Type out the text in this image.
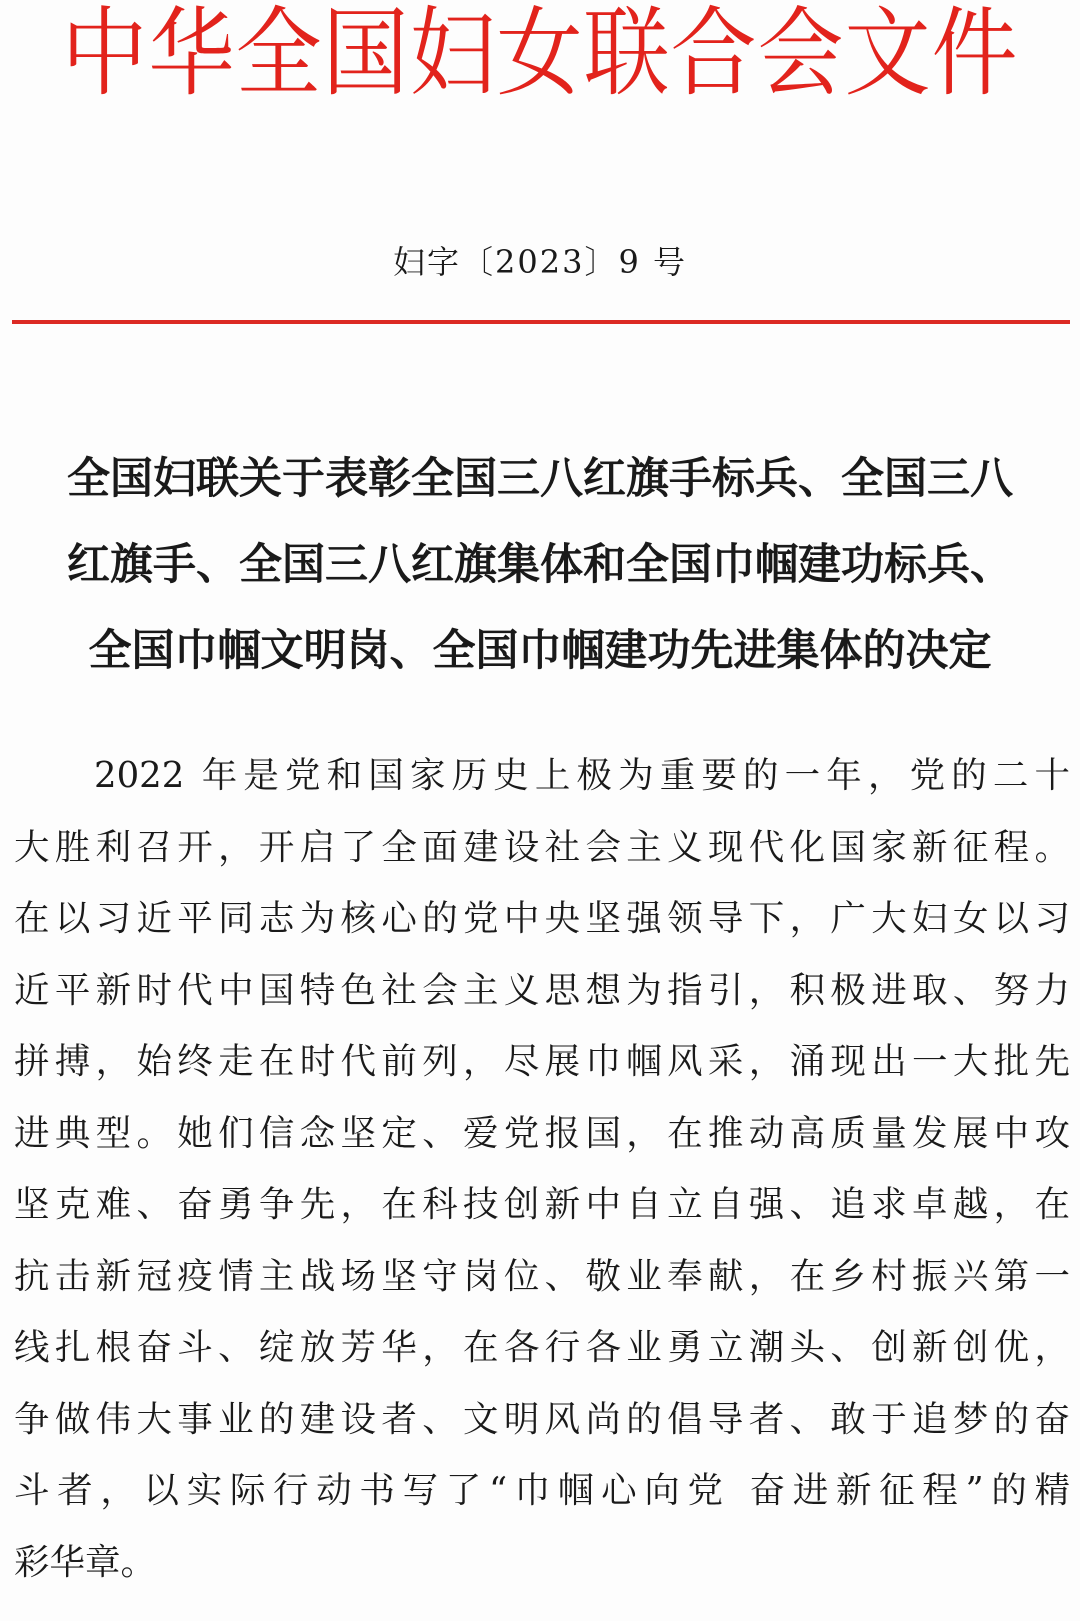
中华全国妇女联合会文件
妇字〔2023〕9 号
全国妇联关于表彰全国三八红旗手标兵、全国三八
红旗手、全国三八红旗集体和全国巾帼建功标兵、
全国巾帼文明岗、全国巾帼建功先进集体的决定
2022 年是党和国家历史上极为重要的一年，党的二十
大胜利召开，开启了全面建设社会主义现代化国家新征程。
在以习近平同志为核心的党中央坚强领导下，广大妇女以习
近平新时代中国特色社会主义思想为指引，积极进取、努力
拼搏，始终走在时代前列，尽展巾帼风采，涌现出一大批先
进典型。她们信念坚定、爱党报国，在推动高质量发展中攻
坚克难、奋勇争先，在科技创新中自立自强、追求卓越，在
抗击新冠疫情主战场坚守岗位、敬业奉献，在乡村振兴第一
线扎根奋斗、绽放芳华，在各行各业勇立潮头、创新创优，
争做伟大事业的建设者、文明风尚的倡导者、敢于追梦的奋
斗者，以实际行动书写了“巾帼心向党 奋进新征程”的精
彩华章。
